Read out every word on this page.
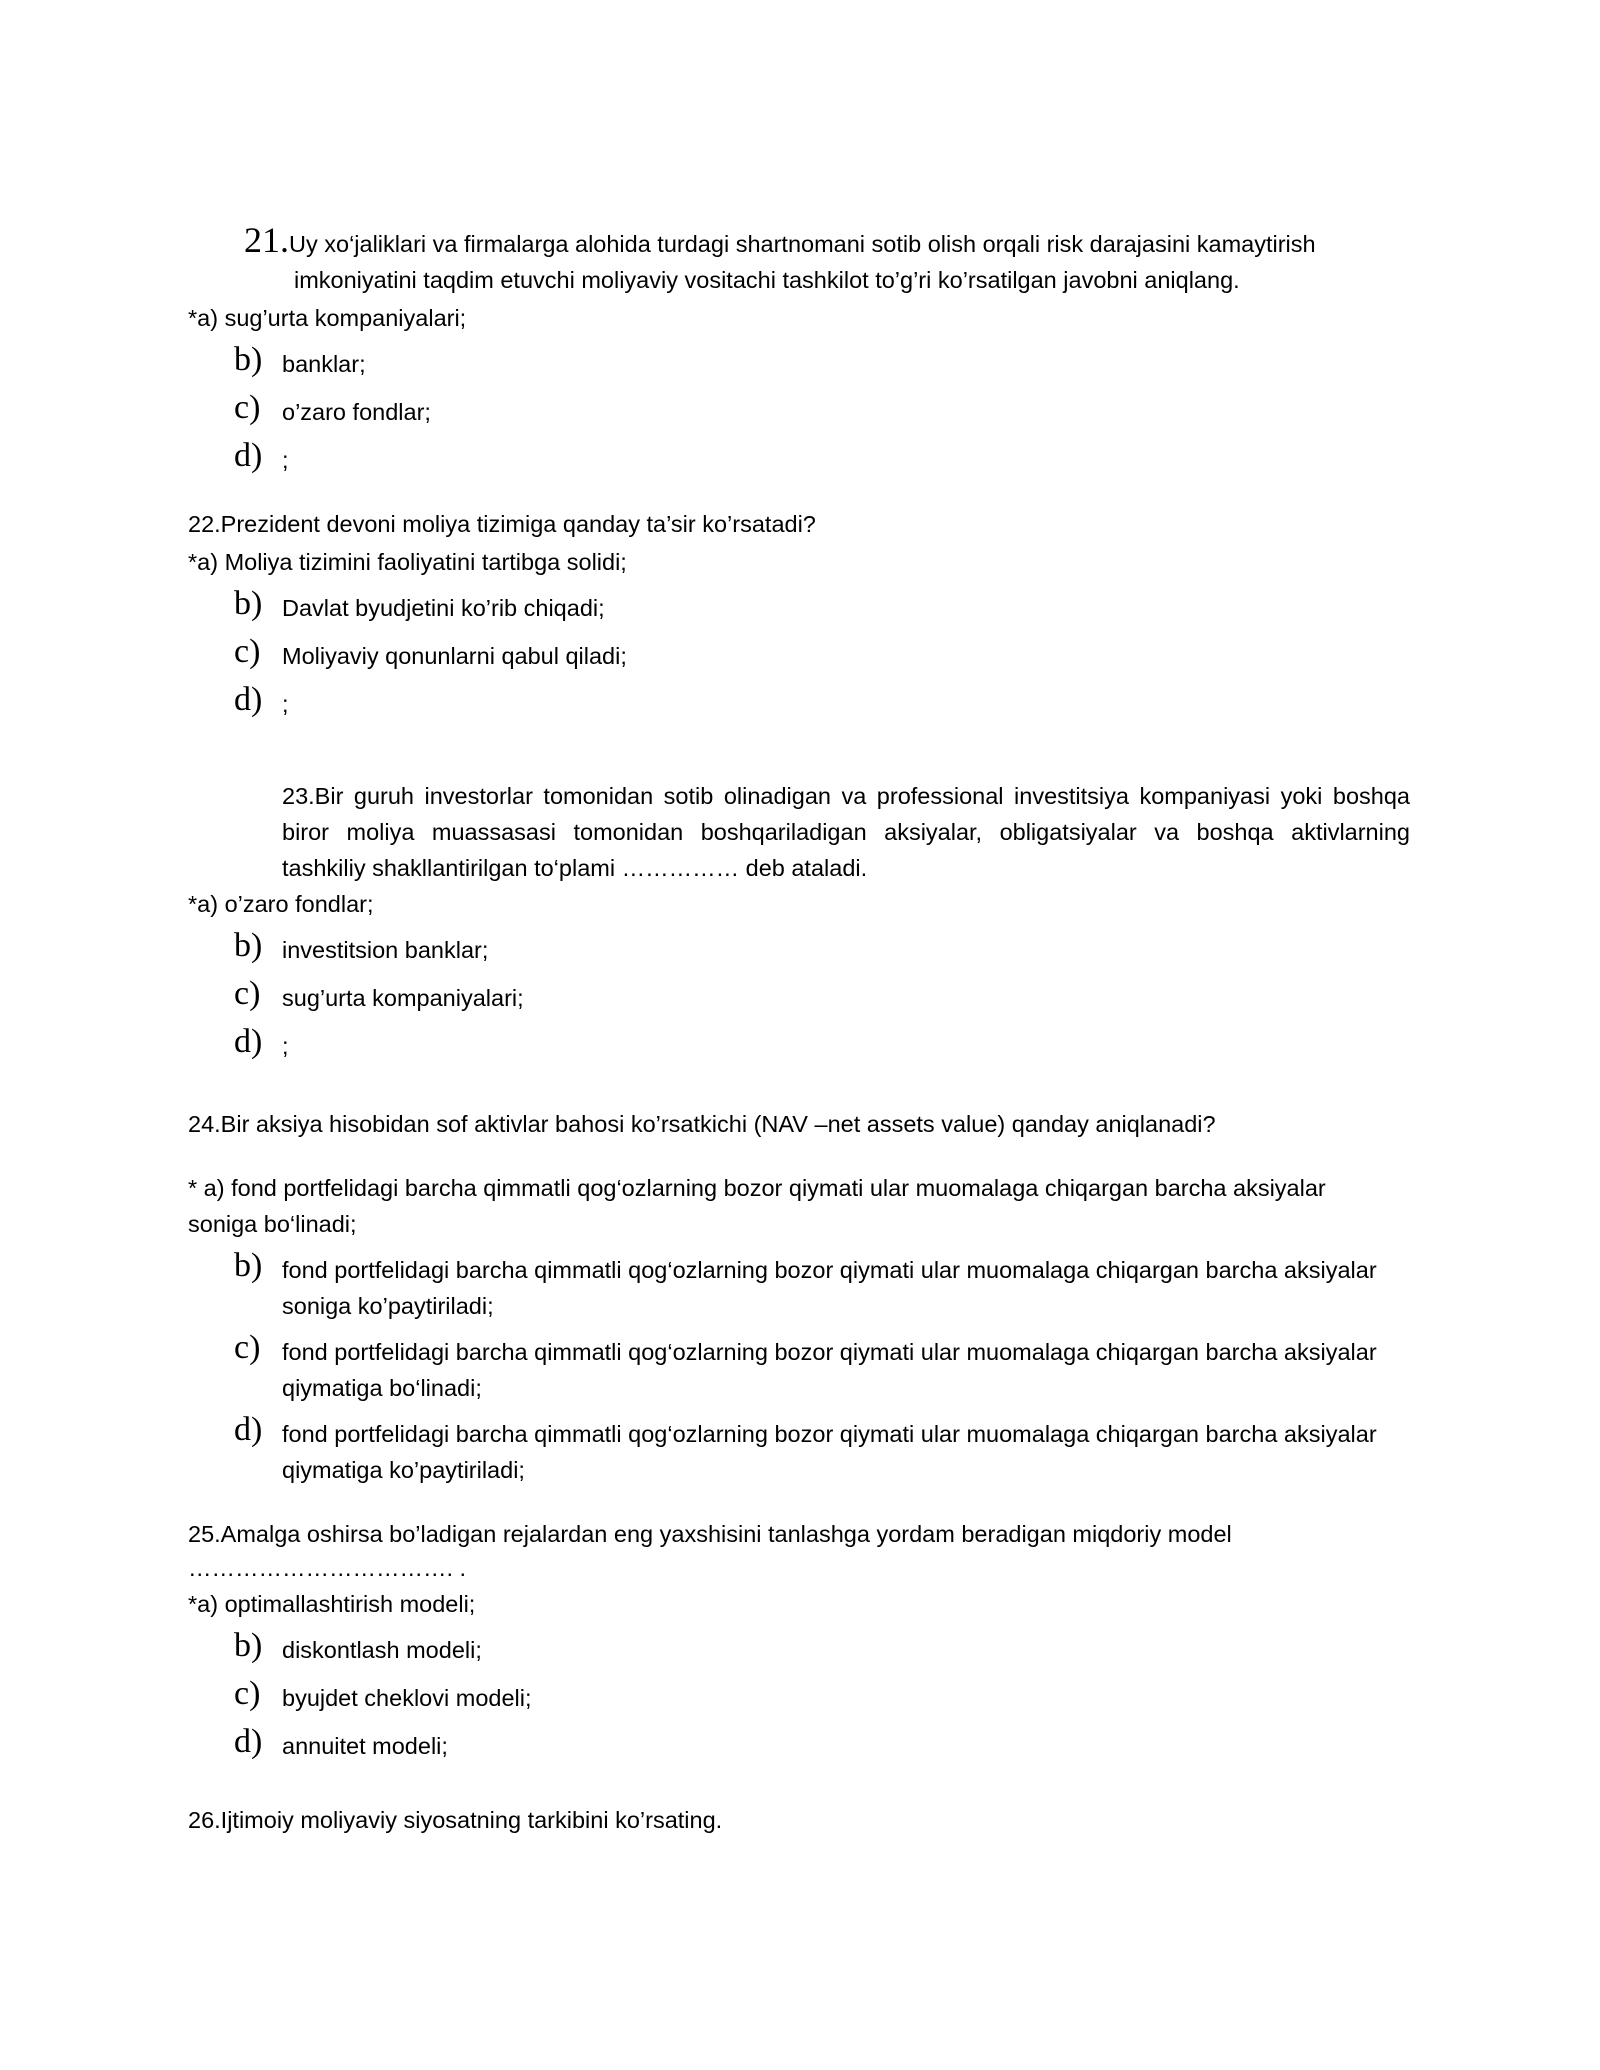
21.Uy xo‘jaliklari va firmalarga alohida turdagi shartnomani sotib olish orqali risk darajasini kamaytirish
imkoniyatini taqdim etuvchi moliyaviy vositachi tashkilot to’g’ri ko’rsatilgan javobni aniqlang.
*a) sug’urta kompaniyalari;
b) banklar;
c) o’zaro fondlar;
d) ;
22.Prezident devoni moliya tizimiga qanday ta’sir ko’rsatadi?
*a) Moliya tizimini faoliyatini tartibga solidi;
b) Davlat byudjetini ko’rib chiqadi;
c) Moliyaviy qonunlarni qabul qiladi;
d) ;
23.Bir guruh investorlar tomonidan sotib olinadigan va professional investitsiya kompaniyasi yoki boshqa
biror moliya muassasasi tomonidan boshqariladigan aksiyalar, obligatsiyalar va boshqa aktivlarning
tashkiliy shakllantirilgan to‘plami …………… deb ataladi.
*a) o’zaro fondlar;
b) investitsion banklar;
c) sug’urta kompaniyalari;
d) ;
24.Bir aksiya hisobidan sof aktivlar bahosi ko’rsatkichi (NAV –net assets value) qanday aniqlanadi?
* a) fond portfelidagi barcha qimmatli qog‘ozlarning bozor qiymati ular muomalaga chiqargan barcha aksiyalar
soniga bo‘linadi;
b) fond portfelidagi barcha qimmatli qog‘ozlarning bozor qiymati ular muomalaga chiqargan barcha aksiyalar
soniga ko’paytiriladi;
c) fond portfelidagi barcha qimmatli qog‘ozlarning bozor qiymati ular muomalaga chiqargan barcha aksiyalar
qiymatiga bo‘linadi;
d) fond portfelidagi barcha qimmatli qog‘ozlarning bozor qiymati ular muomalaga chiqargan barcha aksiyalar
qiymatiga ko’paytiriladi;
25.Amalga oshirsa bo’ladigan rejalardan eng yaxshisini tanlashga yordam beradigan miqdoriy model
……………………………. .
*a) optimallashtirish modeli;
b) diskontlash modeli;
c) byujdet cheklovi modeli;
d) annuitet modeli;
26.Ijtimoiy moliyaviy siyosatning tarkibini ko’rsating.
